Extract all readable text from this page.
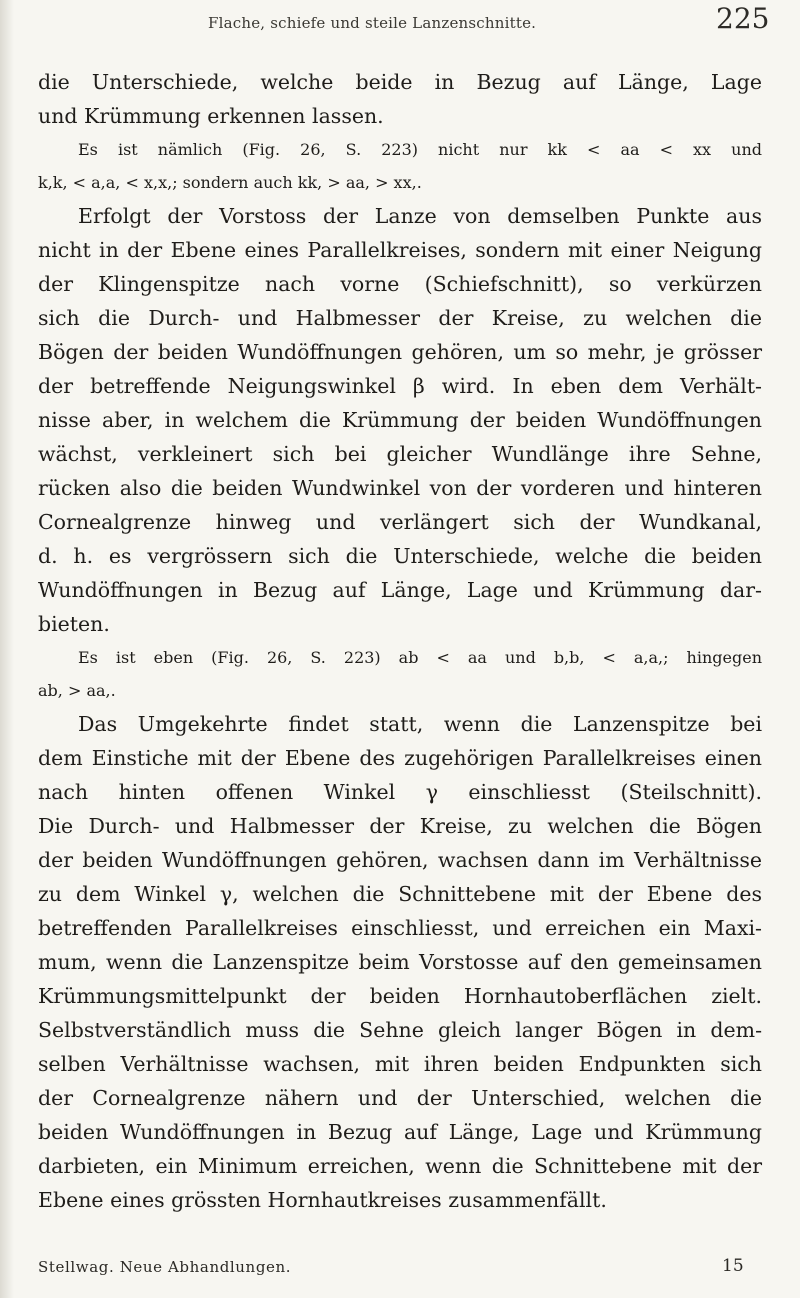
Flache, schiefe und steile Lanzenschnitte.	225
die Unterschiede, welche beide in Bezug auf Länge, Lage
und Krümmung erkennen lassen.
Es ist nämlich (Fig. 26, S. 223) nicht nur kk < aa < xx und
k,k, < a,a, < x,x,; sondern auch kk, > aa, > xx,.
Erfolgt der Vorstoss der Lanze von demselben Punkte aus
nicht in der Ebene eines Parallelkreises, sondern mit einer Neigung
der Klingenspitze nach vorne (Schiefschnitt), so verkürzen
sich die Durch- und Halbmesser der Kreise, zu welchen die
Bögen der beiden Wundöffnungen gehören, um so mehr, je grösser
der betreffende Neigungswinkel β wird. In eben dem Verhält-
nisse aber, in welchem die Krümmung der beiden Wundöffnungen
wächst, verkleinert sich bei gleicher Wundlänge ihre Sehne,
rücken also die beiden Wundwinkel von der vorderen und hinteren
Cornealgrenze hinweg und verlängert sich der Wundkanal,
d. h. es vergrössern sich die Unterschiede, welche die beiden
Wundöffnungen in Bezug auf Länge, Lage und Krümmung dar-
bieten.
Es ist eben (Fig. 26, S. 223) ab < aa und b,b, < a,a,; hingegen
ab, > aa,.
Das Umgekehrte findet statt, wenn die Lanzenspitze bei
dem Einstiche mit der Ebene des zugehörigen Parallelkreises einen
nach hinten offenen Winkel γ einschliesst (Steilschnitt).
Die Durch- und Halbmesser der Kreise, zu welchen die Bögen
der beiden Wundöffnungen gehören, wachsen dann im Verhältnisse
zu dem Winkel γ, welchen die Schnittebene mit der Ebene des
betreffenden Parallelkreises einschliesst, und erreichen ein Maxi-
mum, wenn die Lanzenspitze beim Vorstosse auf den gemeinsamen
Krümmungsmittelpunkt der beiden Hornhautoberflächen zielt.
Selbstverständlich muss die Sehne gleich langer Bögen in dem-
selben Verhältnisse wachsen, mit ihren beiden Endpunkten sich
der Cornealgrenze nähern und der Unterschied, welchen die
beiden Wundöffnungen in Bezug auf Länge, Lage und Krümmung
darbieten, ein Minimum erreichen, wenn die Schnittebene mit der
Ebene eines grössten Hornhautkreises zusammenfällt.
Stellwag. Neue Abhandlungen.	15
